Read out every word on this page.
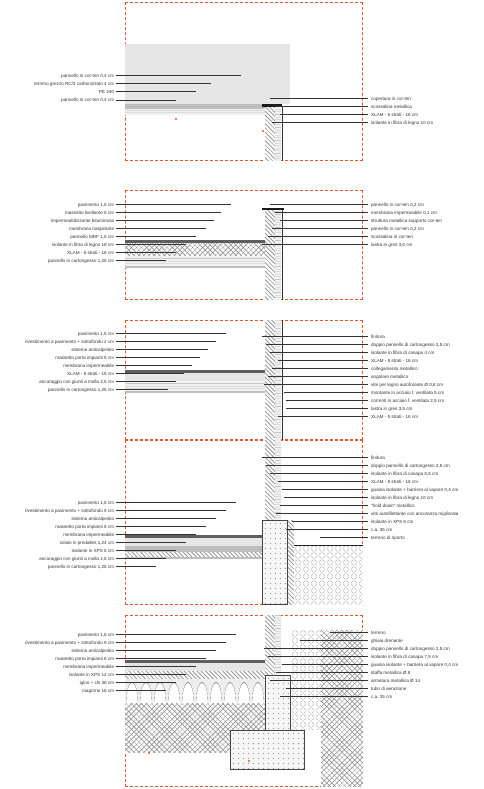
pannello in cor-ten 0,2 cm
terreno grezzo RC/3 carbonizzato 4 cm
PE 240
pannello in cor-ten 0,2 cm	copertura in cor-ten
scossalina metallica
XLAM - 5 strati - 16 cm
isolante in fibra di legno 10 cm
pavimento 1,5 cm
massetto livellante 5 cm
impermeabilizzante bituminosa
membrana traspirante
pannello MDF 1,5 cm
isolante in fibra di legno 18 cm
XLAM - 5 strati - 16 cm
pannello in cartongesso 1,25 cm
pannello in cor-ten 0,2 cm
membrana impermeabile 0,1 cm
struttura metallica supporto cor-ten
pannello in cor-ten 0,2 cm
scossalina in cor-ten
lastra in gres 3,5 cm
pavimento 1,5 cm
rivestimento a pavimento + sottofondo 2 cm
sistema anticalpestio
massetto porta impianti 6 cm
membrana impermeabile
XLAM - 5 strati - 16 cm
ancoraggio con giunti a molla 2,5 cm
pannello in cartongesso 1,25 cm
finitura
doppio pannello di cartongesso 2,5 cm
isolante in fibra di canapa 4 cm
XLAM - 5 strati - 16 cm
collegamento metallico
angolare metallico
vite per legno autoforante Ø 0,8 cm
montante in acciaio f. ventilata 5 cm
correnti in acciaio f. ventilata 2,5 cm
lastra in gres 3,5 cm
XLAM - 5 strati - 16 cm
pavimento 1,5 cm
rivestimento a pavimento + sottofondo 9 cm
sistema anticalpestio
massetto porta impianti 6 cm
membrana impermeabile
solaio in predalles 1,24 cm
isolante in XPS 5 cm
ancoraggio con giunti a molla 2,5 cm
pannello in cartongesso 1,25 cm
finitura
doppio pannello di cartongesso 2,5 cm
isolante in fibra di canapa 6,5 cm
XLAM - 5 strati - 16 cm
guaina isolante + barriera al vapore 0,4 cm
isolante in fibra di legno 10 cm
"hold down" metallico
vite autofilettante con ancoranza migliorata
isolante in XPS 6 cm
c.a. 35 cm
terreno di riporto
pavimento 1,5 cm
rivestimento a pavimento + sottofondo 9 cm
sistema anticalpestio
massetto porta impianti 6 cm
membrana impermeabile
isolante in XPS 12 cm
igloo + cls 38 cm
magrone 15 cm
terreno
ghiaia drenante
doppio pannello di cartongesso 2,5 cm
isolante in fibra di canapa 7,5 cm
guaina isolante + barriera al vapore 0,4 cm
staffa metallica Ø 8
armatura metallica Ø 14
tubo di aerazione
c.a. 35 cm
